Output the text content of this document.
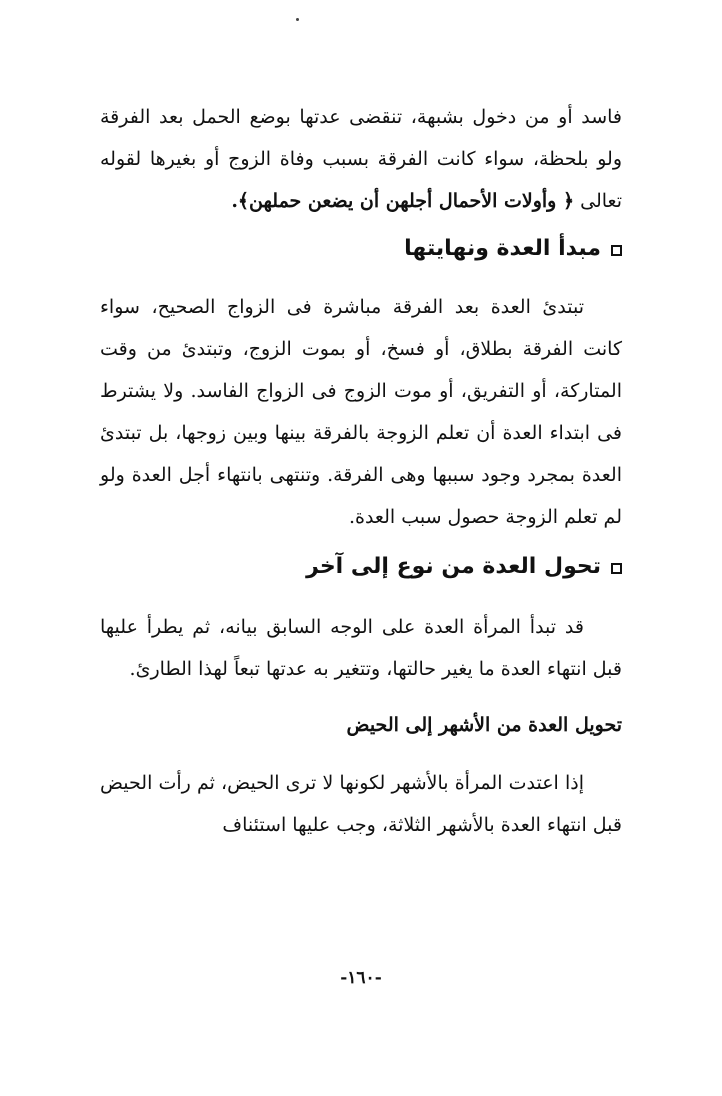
فاسد أو من دخول بشبهة، تنقضى عدتها بوضع الحمل بعد الفرقة ولو بلحظة، سواء كانت الفرقة بسبب وفاة الزوج أو بغيرها لقوله تعالى ﴿ وأولات الأحمال أجلهن أن يضعن حملهن﴾.

مبدأ العدة ونهايتها

تبتدئ العدة بعد الفرقة مباشرة فى الزواج الصحيح، سواء كانت الفرقة بطلاق، أو فسخ، أو بموت الزوج، وتبتدئ من وقت المتاركة، أو التفريق، أو موت الزوج فى الزواج الفاسد. ولا يشترط فى ابتداء العدة أن تعلم الزوجة بالفرقة بينها وبين زوجها، بل تبتدئ العدة بمجرد وجود سببها وهى الفرقة. وتنتهى بانتهاء أجل العدة ولو لم تعلم الزوجة حصول سبب العدة.

تحول العدة من نوع إلى آخر

قد تبدأ المرأة العدة على الوجه السابق بيانه، ثم يطرأ عليها قبل انتهاء العدة ما يغير حالتها، وتتغير به عدتها تبعاً لهذا الطارئ.

تحويل العدة من الأشهر إلى الحيض

إذا اعتدت المرأة بالأشهر لكونها لا ترى الحيض، ثم رأت الحيض قبل انتهاء العدة بالأشهر الثلاثة، وجب عليها استئناف

-١٦٠-
